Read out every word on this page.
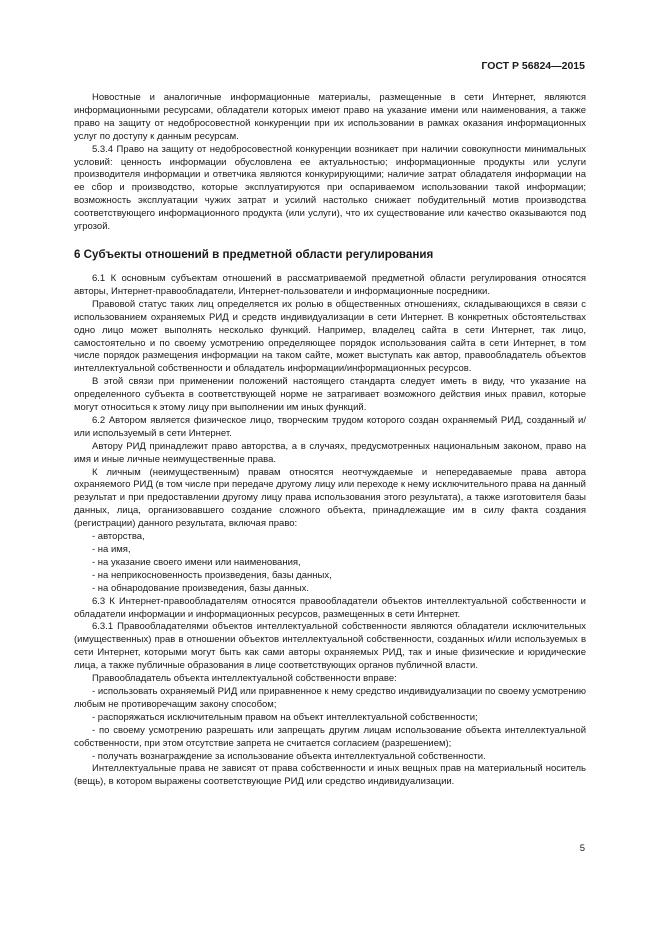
ГОСТ Р 56824—2015

Новостные и аналогичные информационные материалы, размещенные в сети Интернет, являются информационными ресурсами, обладатели которых имеют право на указание имени или наименования, а также право на защиту от недобросовестной конкуренции при их использовании в рамках оказания информационных услуг по доступу к данным ресурсам.

5.3.4 Право на защиту от недобросовестной конкуренции возникает при наличии совокупности минимальных условий: ценность информации обусловлена ее актуальностью; информационные продукты или услуги производителя информации и ответчика являются конкурирующими; наличие затрат обладателя информации на ее сбор и производство, которые эксплуатируются при оспариваемом использовании такой информации; возможность эксплуатации чужих затрат и усилий настолько снижает побудительный мотив производства соответствующего информационного продукта (или услуги), что их существование или качество оказываются под угрозой.

6 Субъекты отношений в предметной области регулирования

6.1 К основным субъектам отношений в рассматриваемой предметной области регулирования относятся авторы, Интернет-правообладатели, Интернет-пользователи и информационные посредники.

Правовой статус таких лиц определяется их ролью в общественных отношениях, складывающихся в связи с использованием охраняемых РИД и средств индивидуализации в сети Интернет. В конкретных обстоятельствах одно лицо может выполнять несколько функций. Например, владелец сайта в сети Интернет, так лицо, самостоятельно и по своему усмотрению определяющее порядок использования сайта в сети Интернет, в том числе порядок размещения информации на таком сайте, может выступать как автор, правообладатель объектов интеллектуальной собственности и обладатель информации/информационных ресурсов.

В этой связи при применении положений настоящего стандарта следует иметь в виду, что указание на определенного субъекта в соответствующей норме не затрагивает возможного действия иных правил, которые могут относиться к этому лицу при выполнении им иных функций.

6.2 Автором является физическое лицо, творческим трудом которого создан охраняемый РИД, созданный и/или используемый в сети Интернет.

Автору РИД принадлежит право авторства, а в случаях, предусмотренных национальным законом, право на имя и иные личные неимущественные права.

К личным (неимущественным) правам относятся неотчуждаемые и непередаваемые права автора охраняемого РИД (в том числе при передаче другому лицу или переходе к нему исключительного права на данный результат и при предоставлении другому лицу права использования этого результата), а также изготовителя базы данных, лица, организовавшего создание сложного объекта, принадлежащие им в силу факта создания (регистрации) данного результата, включая право:

- авторства,

- на имя,

- на указание своего имени или наименования,

- на неприкосновенность произведения, базы данных,

- на обнародование произведения, базы данных.

6.3 К Интернет-правообладателям относятся правообладатели объектов интеллектуальной собственности и обладатели информации и информационных ресурсов, размещенных в сети Интернет.

6.3.1 Правообладателями объектов интеллектуальной собственности являются обладатели исключительных (имущественных) прав в отношении объектов интеллектуальной собственности, созданных и/или используемых в сети Интернет, которыми могут быть как сами авторы охраняемых РИД, так и иные физические и юридические лица, а также публичные образования в лице соответствующих органов публичной власти.

Правообладатель объекта интеллектуальной собственности вправе:

- использовать охраняемый РИД или приравненное к нему средство индивидуализации по своему усмотрению любым не противоречащим закону способом;

- распоряжаться исключительным правом на объект интеллектуальной собственности;

- по своему усмотрению разрешать или запрещать другим лицам использование объекта интеллектуальной собственности, при этом отсутствие запрета не считается согласием (разрешением);

- получать вознаграждение за использование объекта интеллектуальной собственности.

Интеллектуальные права не зависят от права собственности и иных вещных прав на материальный носитель (вещь), в котором выражены соответствующие РИД или средство индивидуализации.

5
